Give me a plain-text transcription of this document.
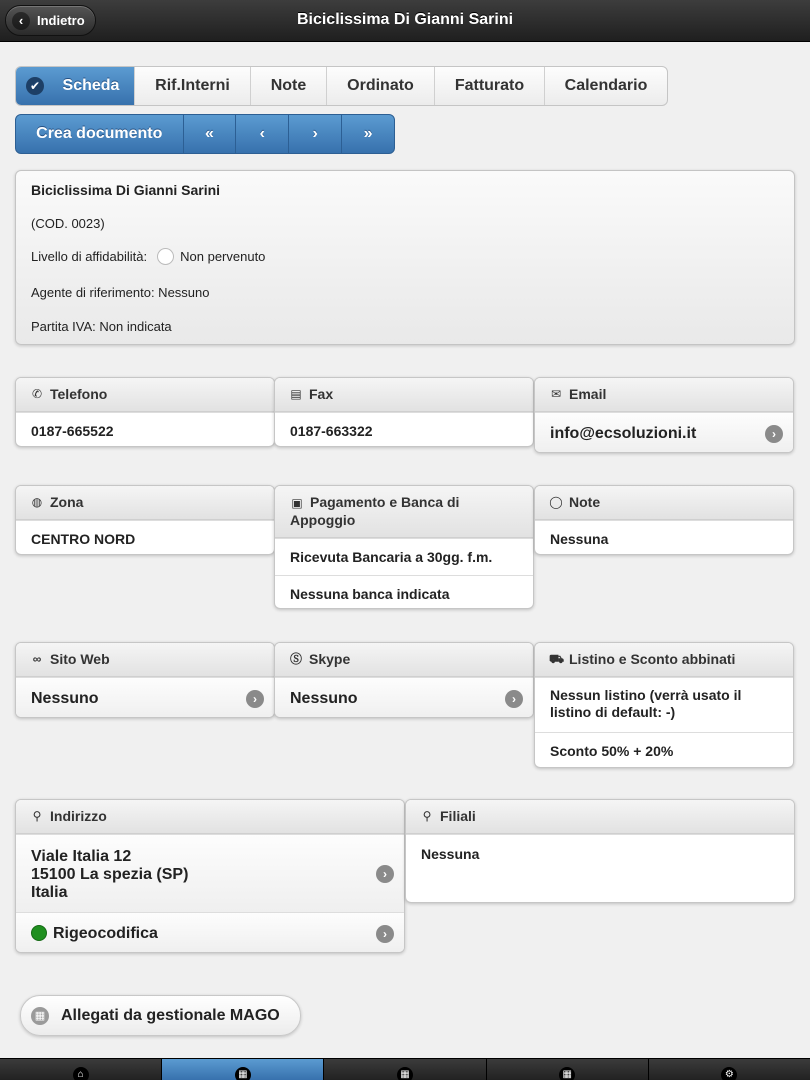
‹	Indietro	Biciclissima Di Gianni Sarini
✔ Scheda	Rif.Interni	Note	Ordinato	Fatturato	Calendario
Crea documento	«	‹	›	»
Biciclissima Di Gianni Sarini
(COD. 0023)
Livello di affidabilità:	Non pervenuto
Agente di riferimento: Nessuno
Partita IVA: Non indicata
✆ Telefono
0187-665522
▤ Fax
0187-663322
✉ Email
info@ecsoluzioni.it	›
◍ Zona
CENTRO NORD
▣ Pagamento e Banca di Appoggio
Ricevuta Bancaria a 30gg. f.m.
Nessuna banca indicata
◯ Note
Nessuna
∞ Sito Web
Nessuno	›
Ⓢ Skype
Nessuno	›
⛟ Listino e Sconto abbinati
Nessun listino (verrà usato il listino di default: -)
Sconto 50% + 20%
⚲ Indirizzo
Viale Italia 12
15100 La spezia (SP)
Italia
›
Rigeocodifica	›
⚲ Filiali
Nessuna
▦ Allegati da gestionale MAGO
⌂	▦	▦	▦	⚙
